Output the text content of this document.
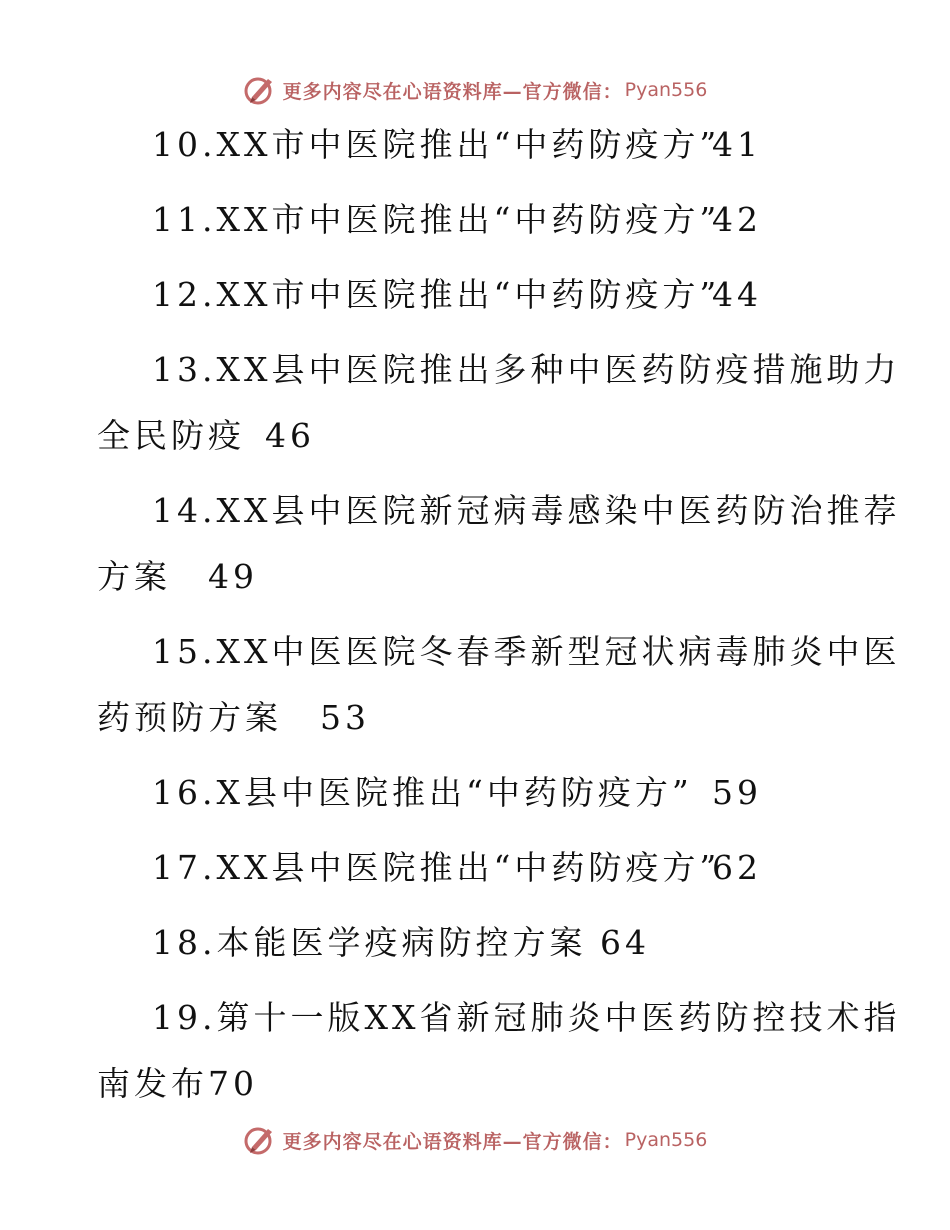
更多内容尽在心语资料库—官方微信： Pyan556
10.XX市中医院推出“中药防疫方”
41
11.XX市中医院推出“中药防疫方”
42
12.XX市中医院推出“中药防疫方”
44
13.XX县中医院推出多种中医药防疫措施助力
全民防疫 46
14.XX县中医院新冠病毒感染中医药防治推荐
方案	49
15.XX中医医院冬春季新型冠状病毒肺炎中医
药预防方案	53
16.X县中医院推出“中药防疫方” 59
17.XX县中医院推出“中药防疫方”
62
18.本能医学疫病防控方案 64
19.第十一版XX省新冠肺炎中医药防控技术指
南发布 70
更多内容尽在心语资料库—官方微信： Pyan556
